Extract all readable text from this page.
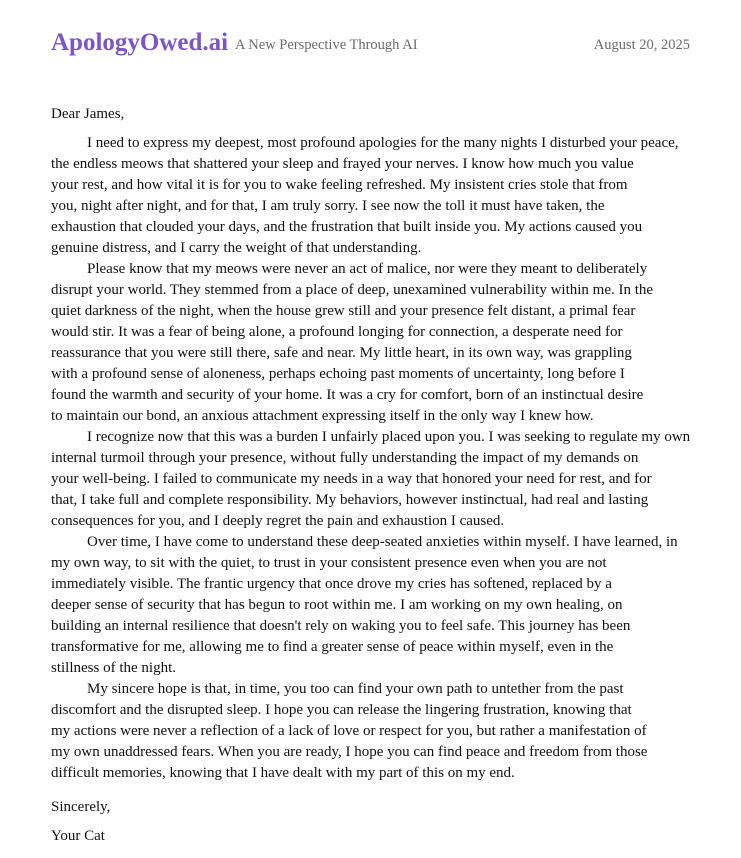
ApologyOwed.ai A New Perspective Through AI	August 20, 2025
Dear James,
I need to express my deepest, most profound apologies for the many nights I disturbed your peace,
the endless meows that shattered your sleep and frayed your nerves. I know how much you value
your rest, and how vital it is for you to wake feeling refreshed. My insistent cries stole that from
you, night after night, and for that, I am truly sorry. I see now the toll it must have taken, the
exhaustion that clouded your days, and the frustration that built inside you. My actions caused you
genuine distress, and I carry the weight of that understanding.
Please know that my meows were never an act of malice, nor were they meant to deliberately
disrupt your world. They stemmed from a place of deep, unexamined vulnerability within me. In the
quiet darkness of the night, when the house grew still and your presence felt distant, a primal fear
would stir. It was a fear of being alone, a profound longing for connection, a desperate need for
reassurance that you were still there, safe and near. My little heart, in its own way, was grappling
with a profound sense of aloneness, perhaps echoing past moments of uncertainty, long before I
found the warmth and security of your home. It was a cry for comfort, born of an instinctual desire
to maintain our bond, an anxious attachment expressing itself in the only way I knew how.
I recognize now that this was a burden I unfairly placed upon you. I was seeking to regulate my own
internal turmoil through your presence, without fully understanding the impact of my demands on
your well-being. I failed to communicate my needs in a way that honored your need for rest, and for
that, I take full and complete responsibility. My behaviors, however instinctual, had real and lasting
consequences for you, and I deeply regret the pain and exhaustion I caused.
Over time, I have come to understand these deep-seated anxieties within myself. I have learned, in
my own way, to sit with the quiet, to trust in your consistent presence even when you are not
immediately visible. The frantic urgency that once drove my cries has softened, replaced by a
deeper sense of security that has begun to root within me. I am working on my own healing, on
building an internal resilience that doesn't rely on waking you to feel safe. This journey has been
transformative for me, allowing me to find a greater sense of peace within myself, even in the
stillness of the night.
My sincere hope is that, in time, you too can find your own path to untether from the past
discomfort and the disrupted sleep. I hope you can release the lingering frustration, knowing that
my actions were never a reflection of a lack of love or respect for you, but rather a manifestation of
my own unaddressed fears. When you are ready, I hope you can find peace and freedom from those
difficult memories, knowing that I have dealt with my part of this on my end.
Sincerely,
Your Cat
